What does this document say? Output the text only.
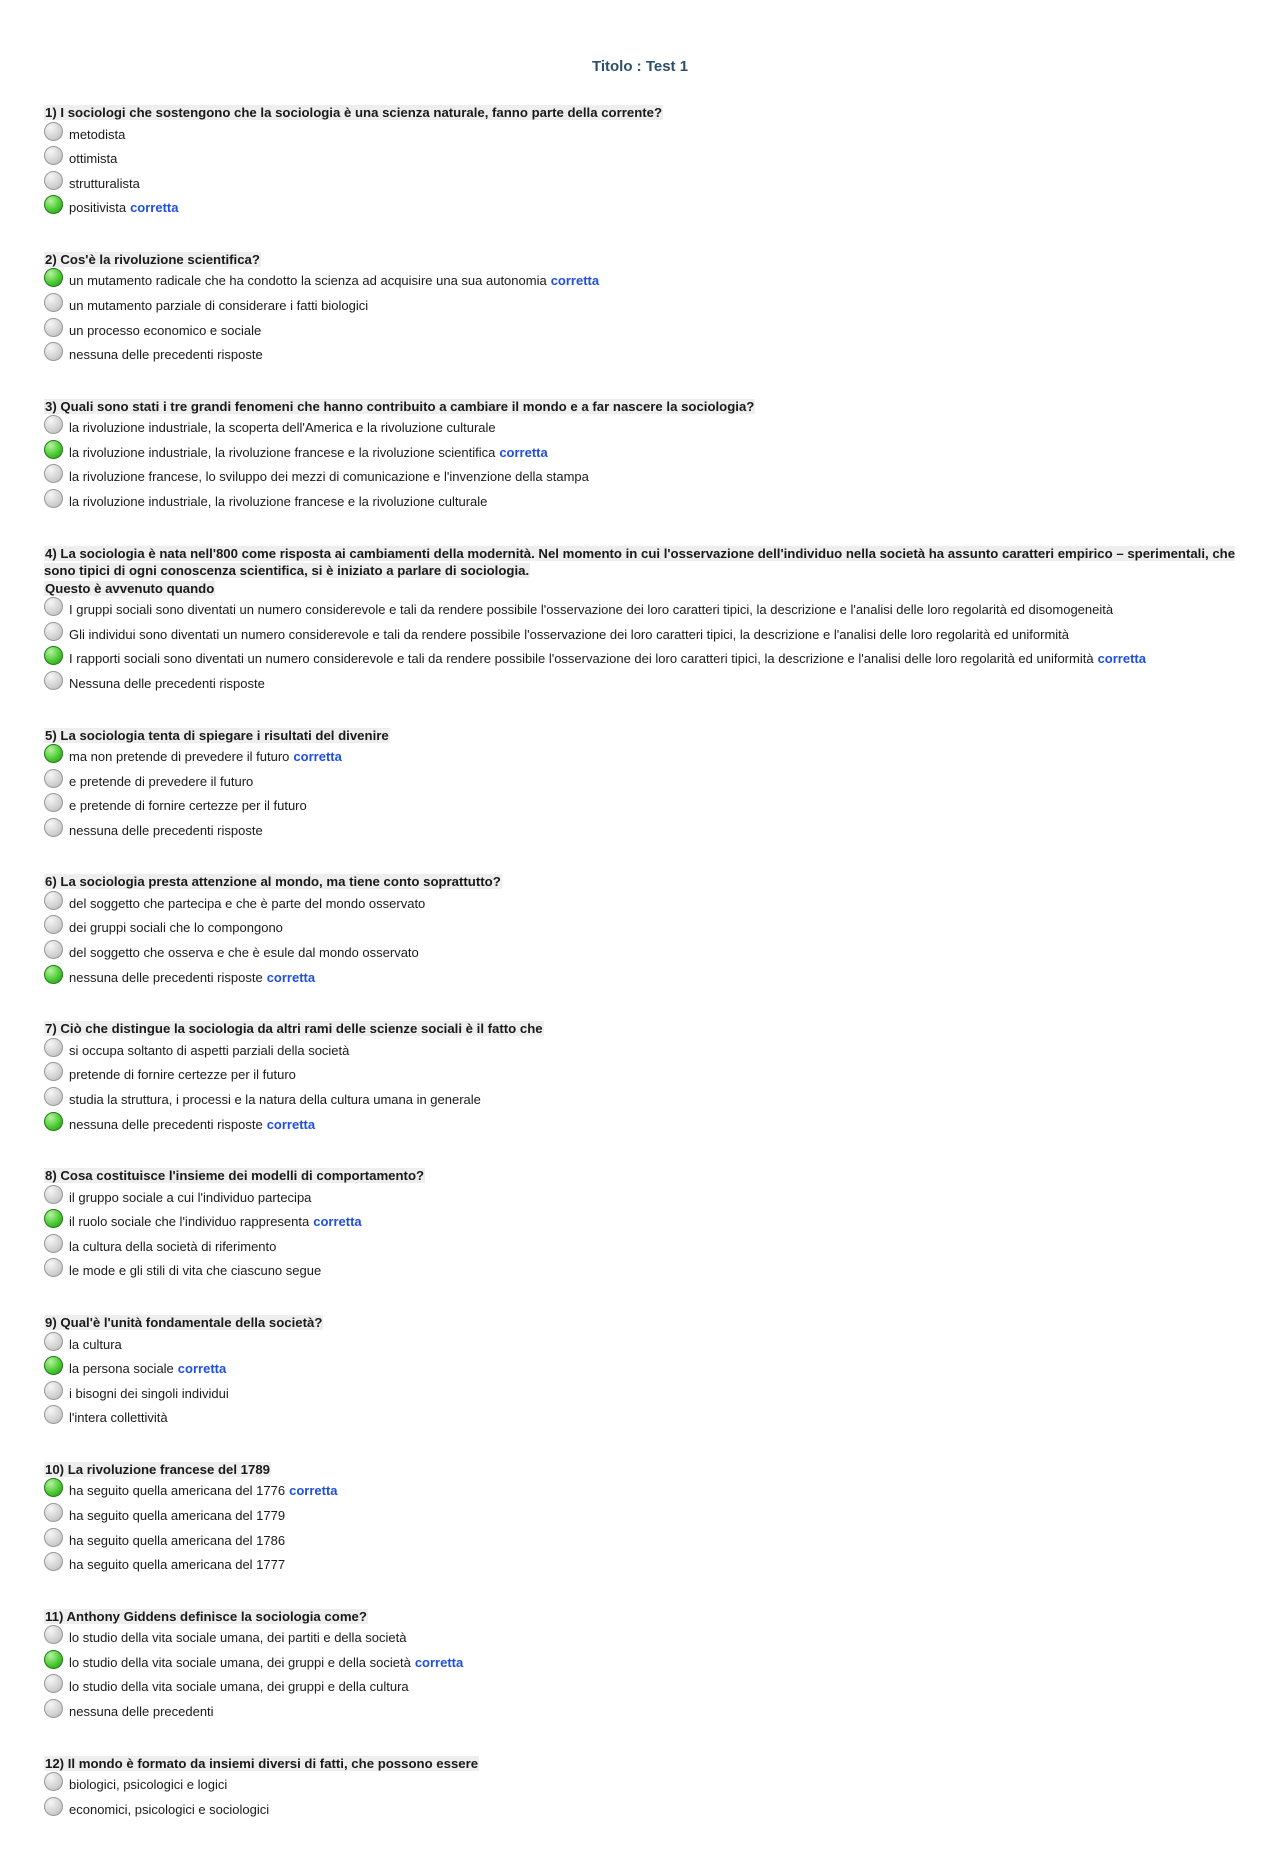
Titolo : Test 1
1) I sociologi che sostengono che la sociologia è una scienza naturale, fanno parte della corrente?
metodista
ottimista
strutturalista
positivista corretta
2) Cos'è la rivoluzione scientifica?
un mutamento radicale che ha condotto la scienza ad acquisire una sua autonomia corretta
un mutamento parziale di considerare i fatti biologici
un processo economico e sociale
nessuna delle precedenti risposte
3) Quali sono stati i tre grandi fenomeni che hanno contribuito a cambiare il mondo e a far nascere la sociologia?
la rivoluzione industriale, la scoperta dell'America e la rivoluzione culturale
la rivoluzione industriale, la rivoluzione francese e la rivoluzione scientifica corretta
la rivoluzione francese, lo sviluppo dei mezzi di comunicazione e l'invenzione della stampa
la rivoluzione industriale, la rivoluzione francese e la rivoluzione culturale
4) La sociologia è nata nell'800 come risposta ai cambiamenti della modernità. Nel momento in cui l'osservazione dell'individuo nella società ha assunto caratteri empirico – sperimentali, che sono tipici di ogni conoscenza scientifica, si è iniziato a parlare di sociologia.
Questo è avvenuto quando
I gruppi sociali sono diventati un numero considerevole e tali da rendere possibile l'osservazione dei loro caratteri tipici, la descrizione e l'analisi delle loro regolarità ed disomogeneità
Gli individui sono diventati un numero considerevole e tali da rendere possibile l'osservazione dei loro caratteri tipici, la descrizione e l'analisi delle loro regolarità ed uniformità
I rapporti sociali sono diventati un numero considerevole e tali da rendere possibile l'osservazione dei loro caratteri tipici, la descrizione e l'analisi delle loro regolarità ed uniformità corretta
Nessuna delle precedenti risposte
5) La sociologia tenta di spiegare i risultati del divenire
ma non pretende di prevedere il futuro corretta
e pretende di prevedere il futuro
e pretende di fornire certezze per il futuro
nessuna delle precedenti risposte
6) La sociologia presta attenzione al mondo, ma tiene conto soprattutto?
del soggetto che partecipa e che è parte del mondo osservato
dei gruppi sociali che lo compongono
del soggetto che osserva e che è esule dal mondo osservato
nessuna delle precedenti risposte corretta
7) Ciò che distingue la sociologia da altri rami delle scienze sociali è il fatto che
si occupa soltanto di aspetti parziali della società
pretende di fornire certezze per il futuro
studia la struttura, i processi e la natura della cultura umana in generale
nessuna delle precedenti risposte corretta
8) Cosa costituisce l'insieme dei modelli di comportamento?
il gruppo sociale a cui l'individuo partecipa
il ruolo sociale che l'individuo rappresenta corretta
la cultura della società di riferimento
le mode e gli stili di vita che ciascuno segue
9) Qual'è l'unità fondamentale della società?
la cultura
la persona sociale corretta
i bisogni dei singoli individui
l'intera collettività
10) La rivoluzione francese del 1789
ha seguito quella americana del 1776 corretta
ha seguito quella americana del 1779
ha seguito quella americana del 1786
ha seguito quella americana del 1777
11) Anthony Giddens definisce la sociologia come?
lo studio della vita sociale umana, dei partiti e della società
lo studio della vita sociale umana, dei gruppi e della società corretta
lo studio della vita sociale umana, dei gruppi e della cultura
nessuna delle precedenti
12) Il mondo è formato da insiemi diversi di fatti, che possono essere
biologici, psicologici e logici
economici, psicologici e sociologici
